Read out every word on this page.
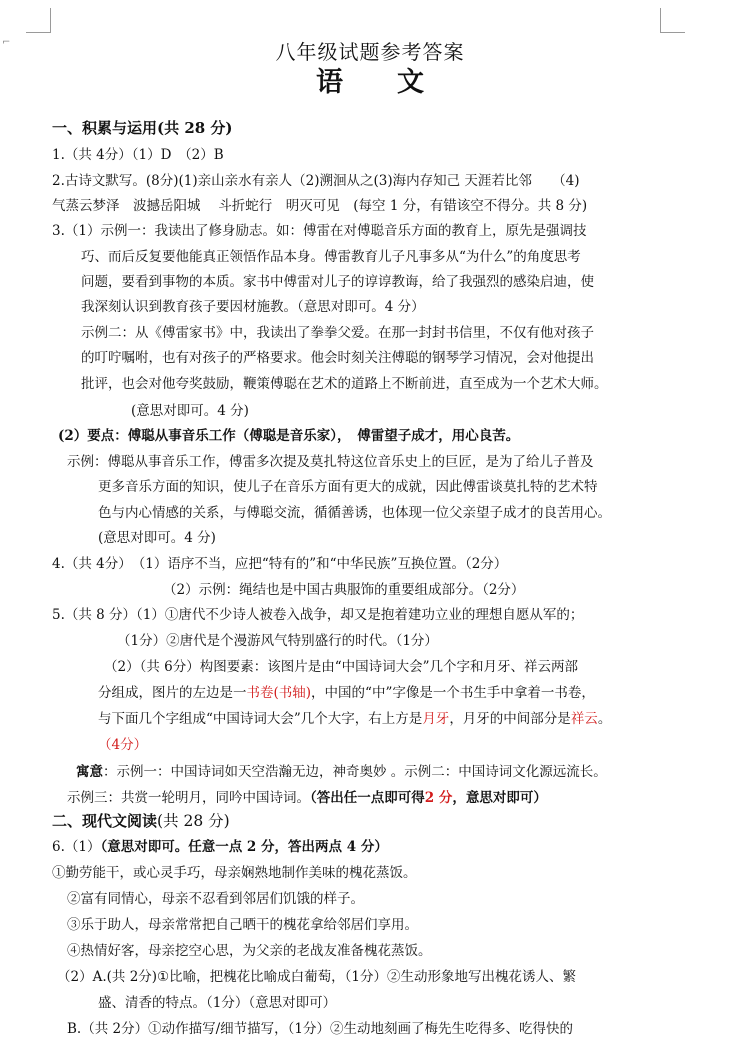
⌐	八年级试题参考答案
语　　文
一、积累与运用(共 28 分)
1.（共 4分）（1）D　（2）B
2.古诗文默写。(8分)(1)亲山亲水有亲人（2)溯洄从之(3)海内存知己 天涯若比邻　　（4)
气蒸云梦泽　波撼岳阳城　 斗折蛇行　明灭可见　(每空 1 分，有错该空不得分。共 8 分)
3.（1）示例一：我读出了修身励志。如：傅雷在对傅聪音乐方面的教育上，原先是强调技
巧、而后反复要他能真正领悟作品本身。傅雷教育儿子凡事多从“为什么”的角度思考
问题，要看到事物的本质。家书中傅雷对儿子的谆谆教诲，给了我强烈的感染启迪，使
我深刻认识到教育孩子要因材施教。（意思对即可。4 分）
示例二：从《傅雷家书》中，我读出了拳拳父爱。在那一封封书信里，不仅有他对孩子
的叮咛嘱咐，也有对孩子的严格要求。他会时刻关注傅聪的钢琴学习情况，会对他提出
批评，也会对他夸奖鼓励，鞭策傅聪在艺术的道路上不断前进，直至成为一个艺术大师。
(意思对即可。4 分)
(2）要点：傅聪从事音乐工作（傅聪是音乐家），　傅雷望子成才，用心良苦。
示例：傅聪从事音乐工作，傅雷多次提及莫扎特这位音乐史上的巨匠，是为了给儿子普及
更多音乐方面的知识，使儿子在音乐方面有更大的成就，因此傅雷谈莫扎特的艺术特
色与内心情感的关系，与傅聪交流，循循善诱，也体现一位父亲望子成才的良苦用心。
(意思对即可。4 分)
4.（共 4分）　（1）语序不当，应把“特有的”和“中华民族”互换位置。（2分）
（2）示例：绳结也是中国古典服饰的重要组成部分。（2分）
5.（共 8 分）（1）①唐代不少诗人被卷入战争，却又是抱着建功立业的理想自愿从军的；
（1分）②唐代是个漫游风气特别盛行的时代。（1分）
（2）（共 6分）构图要素：该图片是由“中国诗词大会”几个字和月牙、祥云两部
分组成，图片的左边是一书卷(书轴)，中国的“中”字像是一个书生手中拿着一书卷，
与下面几个字组成“中国诗词大会”几个大字，右上方是月牙，月牙的中间部分是祥云。
（4分）
寓意：示例一：中国诗词如天空浩瀚无边，神奇奥妙 。示例二：中国诗词文化源远流长。
示例三：共赏一轮明月，同吟中国诗词。（答出任一点即可得2 分，意思对即可）
二、现代文阅读(共 28 分)
6.（1）（意思对即可。任意一点 2 分，答出两点 4 分）
①勤劳能干，或心灵手巧，母亲娴熟地制作美味的槐花蒸饭。
②富有同情心，母亲不忍看到邻居们饥饿的样子。
③乐于助人，母亲常常把自己晒干的槐花拿给邻居们享用。
④热情好客，母亲挖空心思，为父亲的老战友准备槐花蒸饭。
（2）A.(共 2分)①比喻，把槐花比喻成白葡萄，（1分）②生动形象地写出槐花诱人、繁
盛、清香的特点。（1分）（意思对即可）
B.（共 2分）①动作描写/细节描写，（1分）②生动地刻画了梅先生吃得多、吃得快的
